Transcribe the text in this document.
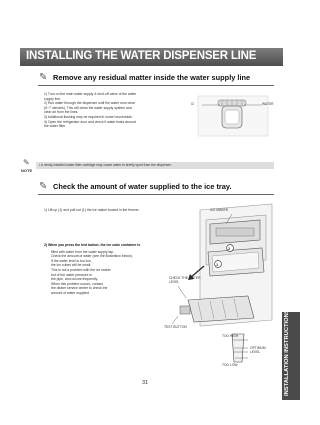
INSTALLING THE WATER DISPENSER LINE
✎ Remove any residual matter inside the water supply line
1) Turn on the main water supply & shut-off valve of the water
supply line.
2) Run water through the dispenser until the water runs clear
(6~7 minutes). This will clean the water supply system and
clear air from the lines.
3) Additional flushing may be required in some households.
4) Open the refrigerator door and check if water leaks around
the water filter.
CI	WATER
✎	• A newly-installed water filter cartridge may cause water to briefly spurt from the dispenser.
NOTE
✎ Check the amount of water supplied to the ice tray.
1) Lift up (1) and pull out (1) the ice maker bucket in the freezer.
2) When you press the test button, the ice cube container is
filled with water from the water supply tap.
Check the amount of water (see the illustration below).
If the water level is too low,
the ice cubes will be small.
This is not a problem with the ice maker
but of the water pressure in
the pipe, and occurs frequently.
When this problem occurs, contact
the dealer service center to check the
amount of water supplied.
ICE MAKER
2
1
CHECK THE WATER
LEVEL
TEST BUTTON
TOO HIGH
OPTIMUM
LEVEL
TOO LOW	INSTALLATION INSTRUCTIONS
31
